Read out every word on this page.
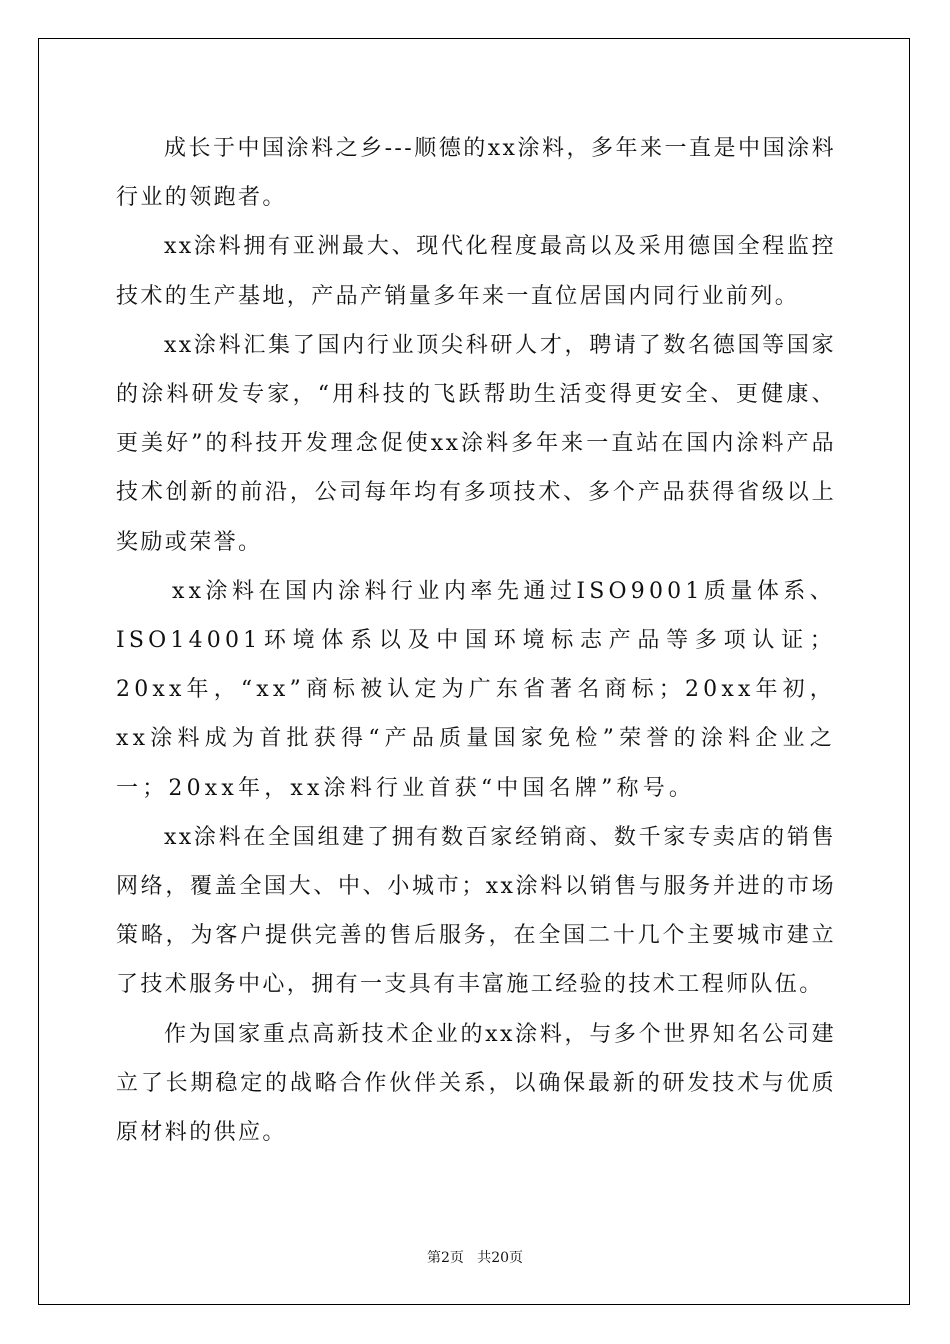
成长于中国涂料之乡---顺德的xx涂料，多年来一直是中国涂料行业的领跑者。

xx涂料拥有亚洲最大、现代化程度最高以及采用德国全程监控技术的生产基地，产品产销量多年来一直位居国内同行业前列。

xx涂料汇集了国内行业顶尖科研人才，聘请了数名德国等国家的涂料研发专家，“用科技的飞跃帮助生活变得更安全、更健康、更美好”的科技开发理念促使xx涂料多年来一直站在国内涂料产品技术创新的前沿，公司每年均有多项技术、多个产品获得省级以上奖励或荣誉。

xx涂料在国内涂料行业内率先通过ISO9001质量体系、ISO14001环境体系以及中国环境标志产品等多项认证；20xx年，“xx”商标被认定为广东省著名商标；20xx年初，xx涂料成为首批获得“产品质量国家免检”荣誉的涂料企业之一；20xx年，xx涂料行业首获“中国名牌”称号。

xx涂料在全国组建了拥有数百家经销商、数千家专卖店的销售网络，覆盖全国大、中、小城市；xx涂料以销售与服务并进的市场策略，为客户提供完善的售后服务，在全国二十几个主要城市建立了技术服务中心，拥有一支具有丰富施工经验的技术工程师队伍。

作为国家重点高新技术企业的xx涂料，与多个世界知名公司建立了长期稳定的战略合作伙伴关系，以确保最新的研发技术与优质原材料的供应。

第2页   共20页
